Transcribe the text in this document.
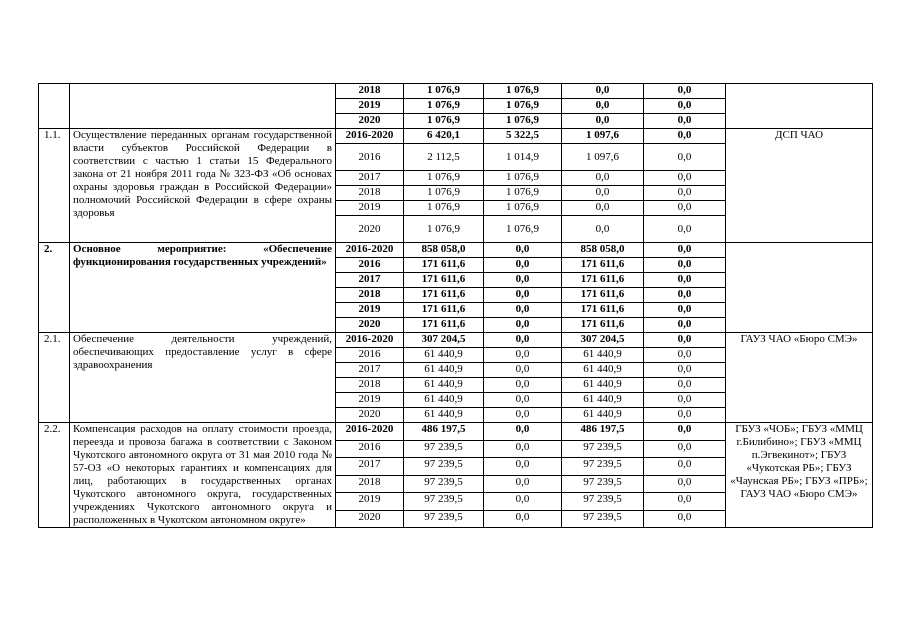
		2018	1 076,9	1 076,9	0,0	0,0	
		2019	1 076,9	1 076,9	0,0	0,0	
		2020	1 076,9	1 076,9	0,0	0,0	
1.1.	Осуществление переданных органам государственной власти субъектов Российской Федерации в соответствии с частью 1 статьи 15 Федерального закона от 21 ноября 2011 года № 323-ФЗ «Об основах охраны здоровья граждан в Российской Федерации» полномочий Российской Федерации в сфере охраны здоровья	2016-2020	6 420,1	5 322,5	1 097,6	0,0	ДСП ЧАО
		2016	2 112,5	1 014,9	1 097,6	0,0	
		2017	1 076,9	1 076,9	0,0	0,0	
		2018	1 076,9	1 076,9	0,0	0,0	
		2019	1 076,9	1 076,9	0,0	0,0	
		2020	1 076,9	1 076,9	0,0	0,0	
2.	Основное мероприятие: «Обеспечение функционирования государственных учреждений»	2016-2020	858 058,0	0,0	858 058,0	0,0	
		2016	171 611,6	0,0	171 611,6	0,0	
		2017	171 611,6	0,0	171 611,6	0,0	
		2018	171 611,6	0,0	171 611,6	0,0	
		2019	171 611,6	0,0	171 611,6	0,0	
		2020	171 611,6	0,0	171 611,6	0,0	
2.1.	Обеспечение деятельности учреждений, обеспечивающих предоставление услуг в сфере здравоохранения	2016-2020	307 204,5	0,0	307 204,5	0,0	ГАУЗ ЧАО «Бюро СМЭ»
		2016	61 440,9	0,0	61 440,9	0,0	
		2017	61 440,9	0,0	61 440,9	0,0	
		2018	61 440,9	0,0	61 440,9	0,0	
		2019	61 440,9	0,0	61 440,9	0,0	
		2020	61 440,9	0,0	61 440,9	0,0	
2.2.	Компенсация расходов на оплату стоимости проезда, переезда и провоза багажа в соответствии с Законом Чукотского автономного округа от 31 мая 2010 года № 57-ОЗ «О некоторых гарантиях и компенсациях для лиц, работающих в государственных органах Чукотского автономного округа, государственных учреждениях Чукотского автономного округа и расположенных в Чукотском автономном округе»	2016-2020	486 197,5	0,0	486 197,5	0,0	ГБУЗ «ЧОБ»; ГБУЗ «ММЦ г.Билибино»; ГБУЗ «ММЦ п.Эгвекинот»; ГБУЗ «Чукотская РБ»; ГБУЗ «Чаунская РБ»; ГБУЗ «ПРБ»; ГАУЗ ЧАО «Бюро СМЭ»
		2016	97 239,5	0,0	97 239,5	0,0	
		2017	97 239,5	0,0	97 239,5	0,0	
		2018	97 239,5	0,0	97 239,5	0,0	
		2019	97 239,5	0,0	97 239,5	0,0	
		2020	97 239,5	0,0	97 239,5	0,0	
